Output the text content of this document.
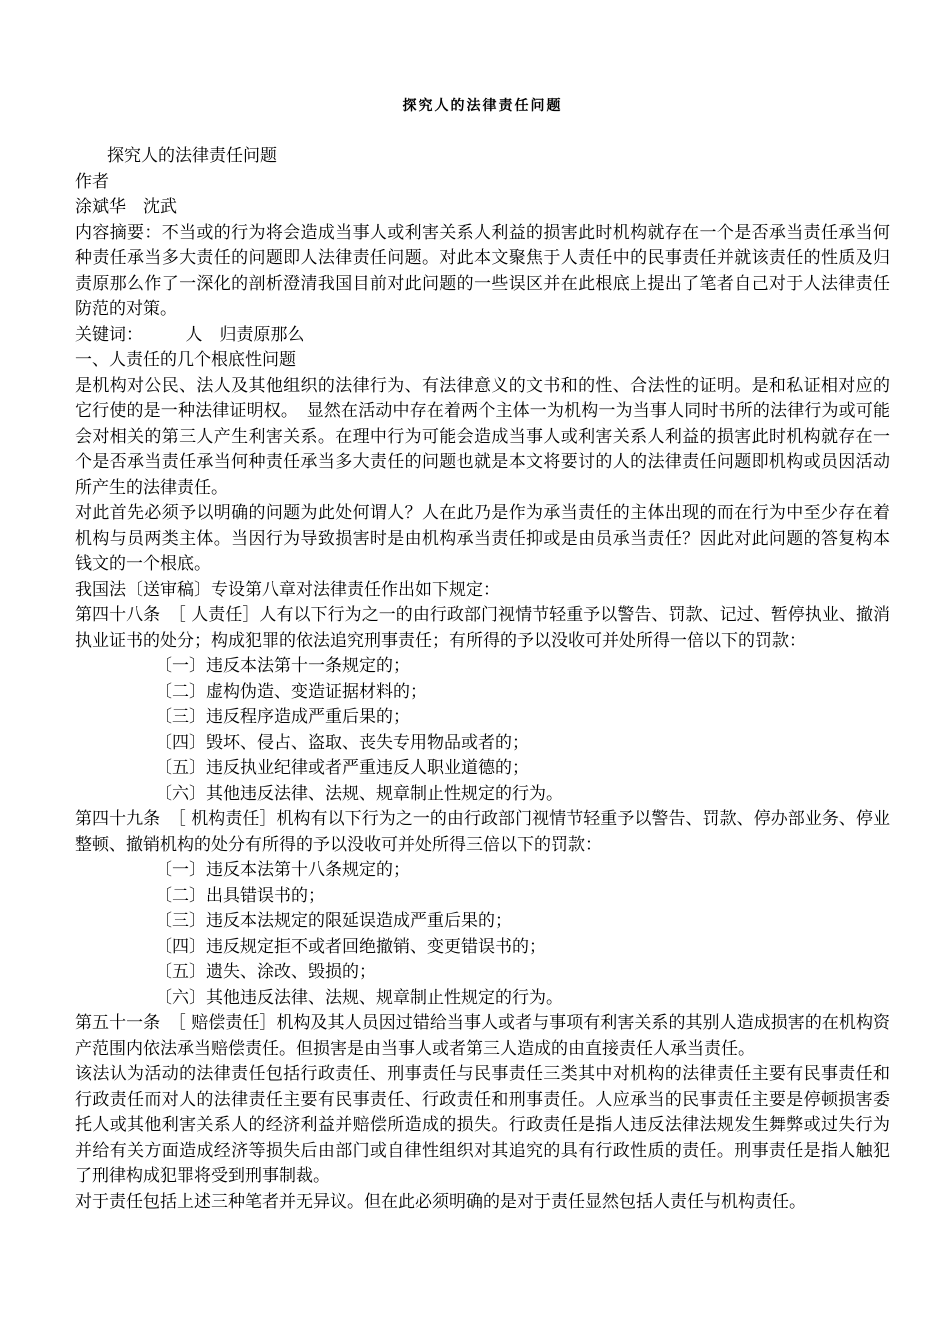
探究人的法律责任问题

探究人的法律责任问题

作者

涂斌华　沈武

内容摘要：不当或的行为将会造成当事人或利害关系人利益的损害此时机构就存在一个是否承当责任承当何种责任承当多大责任的问题即人法律责任问题。对此本文聚焦于人责任中的民事责任并就该责任的性质及归责原那么作了一深化的剖析澄清我国目前对此问题的一些误区并在此根底上提出了笔者自己对于人法律责任防范的对策。

关键词：　　　人　归责原那么

一、人责任的几个根底性问题

是机构对公民、法人及其他组织的法律行为、有法律意义的文书和的性、合法性的证明。是和私证相对应的它行使的是一种法律证明权。　显然在活动中存在着两个主体一为机构一为当事人同时书所的法律行为或可能会对相关的第三人产生利害关系。在理中行为可能会造成当事人或利害关系人利益的损害此时机构就存在一个是否承当责任承当何种责任承当多大责任的问题也就是本文将要讨的人的法律责任问题即机构或员因活动所产生的法律责任。

对此首先必须予以明确的问题为此处何谓人？人在此乃是作为承当责任的主体出现的而在行为中至少存在着机构与员两类主体。当因行为导致损害时是由机构承当责任抑或是由员承当责任？因此对此问题的答复构本钱文的一个根底。

我国法〔送审稿〕专设第八章对法律责任作出如下规定：

第四十八条　［ 人责任］人有以下行为之一的由行政部门视情节轻重予以警告、罚款、记过、暂停执业、撤消执业证书的处分；构成犯罪的依法追究刑事责任；有所得的予以没收可并处所得一倍以下的罚款：

〔一〕违反本法第十一条规定的；

〔二〕虚构伪造、变造证据材料的；

〔三〕违反程序造成严重后果的；

〔四〕毁坏、侵占、盗取、丧失专用物品或者的；

〔五〕违反执业纪律或者严重违反人职业道德的；

〔六〕其他违反法律、法规、规章制止性规定的行为。

第四十九条　［ 机构责任］机构有以下行为之一的由行政部门视情节轻重予以警告、罚款、停办部业务、停业整顿、撤销机构的处分有所得的予以没收可并处所得三倍以下的罚款：

〔一〕违反本法第十八条规定的；

〔二〕出具错误书的；

〔三〕违反本法规定的限延误造成严重后果的；

〔四〕违反规定拒不或者回绝撤销、变更错误书的；

〔五〕遗失、涂改、毁损的；

〔六〕其他违反法律、法规、规章制止性规定的行为。

第五十一条　［ 赔偿责任］机构及其人员因过错给当事人或者与事项有利害关系的其别人造成损害的在机构资产范围内依法承当赔偿责任。但损害是由当事人或者第三人造成的由直接责任人承当责任。

该法认为活动的法律责任包括行政责任、刑事责任与民事责任三类其中对机构的法律责任主要有民事责任和行政责任而对人的法律责任主要有民事责任、行政责任和刑事责任。人应承当的民事责任主要是停顿损害委托人或其他利害关系人的经济利益并赔偿所造成的损失。行政责任是指人违反法律法规发生舞弊或过失行为并给有关方面造成经济等损失后由部门或自律性组织对其追究的具有行政性质的责任。刑事责任是指人触犯了刑律构成犯罪将受到刑事制裁。

对于责任包括上述三种笔者并无异议。但在此必须明确的是对于责任显然包括人责任与机构责任。
